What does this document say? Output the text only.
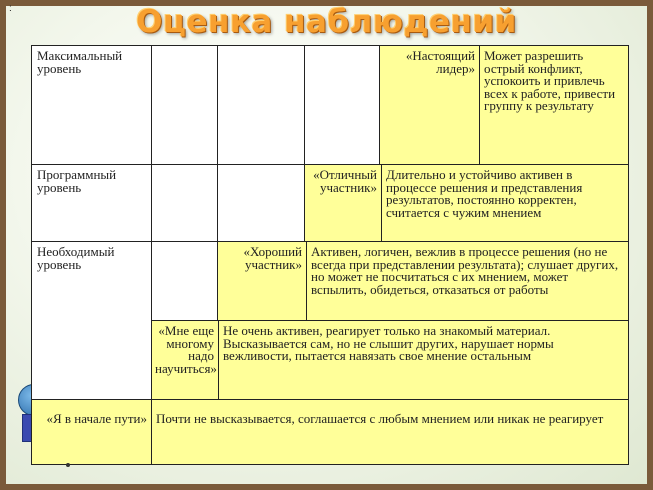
:	Оценка наблюдений
Максимальный уровень
«Настоящий лидер»
Может разрешить острый конфликт, успокоить и привлечь всех к работе, привести группу к результату
Программный уровень
«Отличный участник»
Длительно и устойчиво активен в процессе решения и представления результатов, постоянно корректен, считается с чужим мнением
Необходимый уровень
«Хороший участник»
Активен, логичен, вежлив в процессе решения (но не всегда при представлении результата); слушает других, но может не посчитаться с их мнением, может вспылить, обидеться, отказаться от работы
«Мне еще многому надо научиться»
Не очень активен, реагирует только на знакомый материал. Высказывается сам, но не слышит других, нарушает нормы вежливости, пытается навязать свое мнение остальным
«Я в начале пути» Почти не высказывается, соглашается с любым мнением или никак не реагирует
